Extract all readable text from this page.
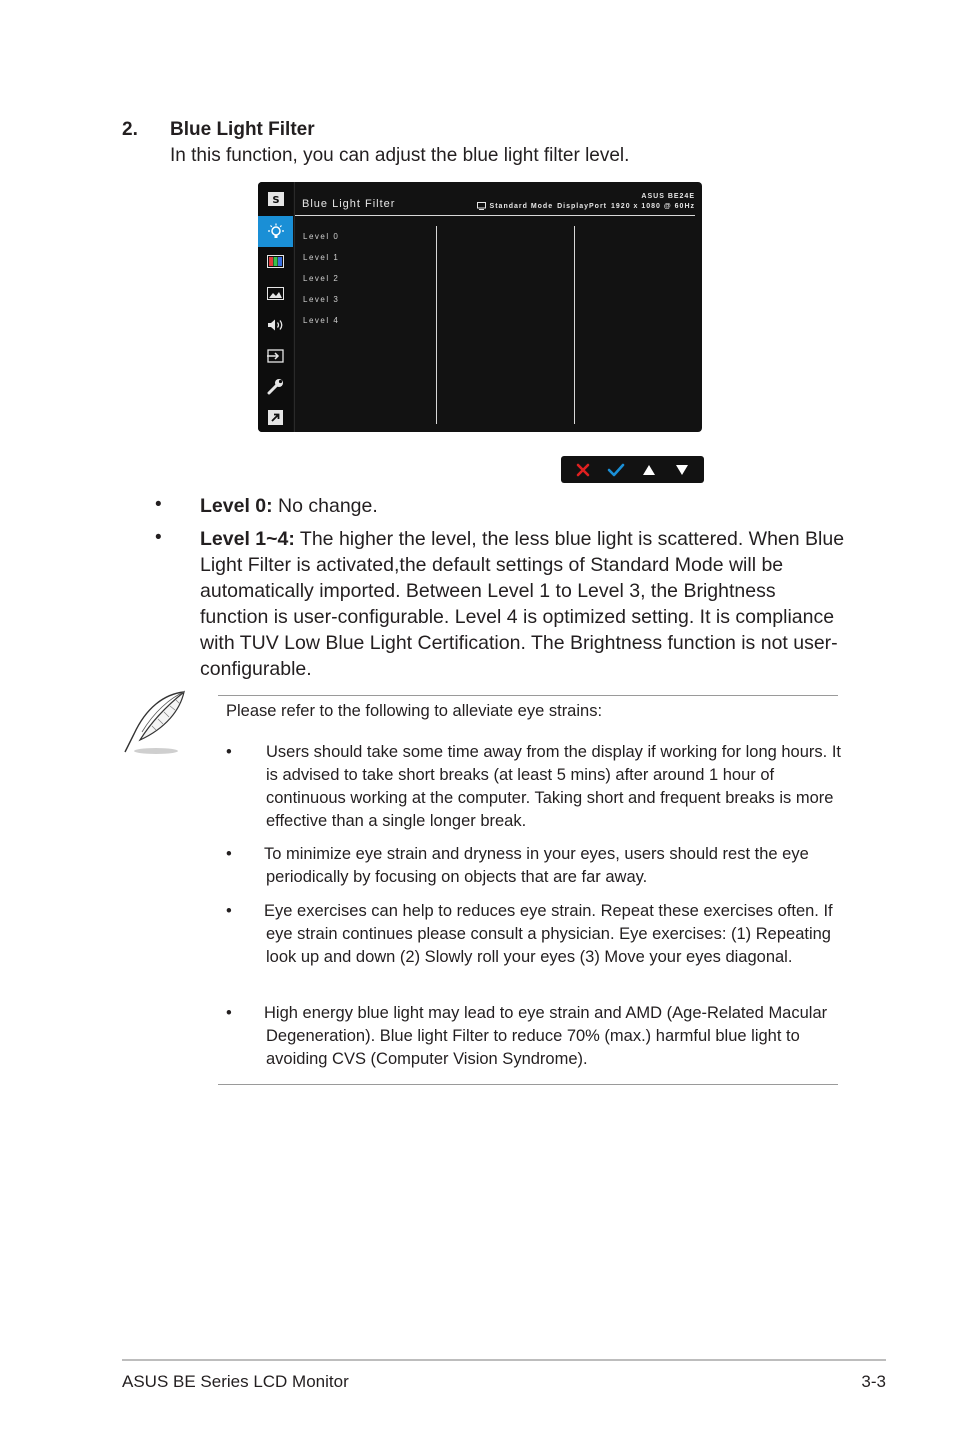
2. Blue Light Filter
In this function, you can adjust the blue light filter level.
S Blue Light Filter
ASUS BE24E
Standard Mode DisplayPort 1920 x 1080 @ 60Hz
Level 0
Level 1
Level 2
Level 3
Level 4
• Level 0: No change.
• Level 1~4: The higher the level, the less blue light is scattered. When Blue Light Filter is activated,the default settings of Standard Mode will be automatically imported. Between Level 1 to Level 3, the Brightness function is user-configurable. Level 4 is optimized setting. It is compliance with TUV Low Blue Light Certification. The Brightness function is not user-configurable.
Please refer to the following to alleviate eye strains:
• Users should take some time away from the display if working for long hours. It is advised to take short breaks (at least 5 mins) after around 1 hour of continuous working at the computer. Taking short and frequent breaks is more effective than a single longer break.
• To minimize eye strain and dryness in your eyes, users should rest the eye periodically by focusing on objects that are far away.
• Eye exercises can help to reduces eye strain. Repeat these exercises often. If eye strain continues please consult a physician. Eye exercises: (1) Repeating look up and down (2) Slowly roll your eyes (3) Move your eyes diagonal.
• High energy blue light may lead to eye strain and AMD (Age-Related Macular Degeneration). Blue light Filter to reduce 70% (max.) harmful blue light to avoiding CVS (Computer Vision Syndrome).
ASUS BE Series LCD Monitor	3-3
